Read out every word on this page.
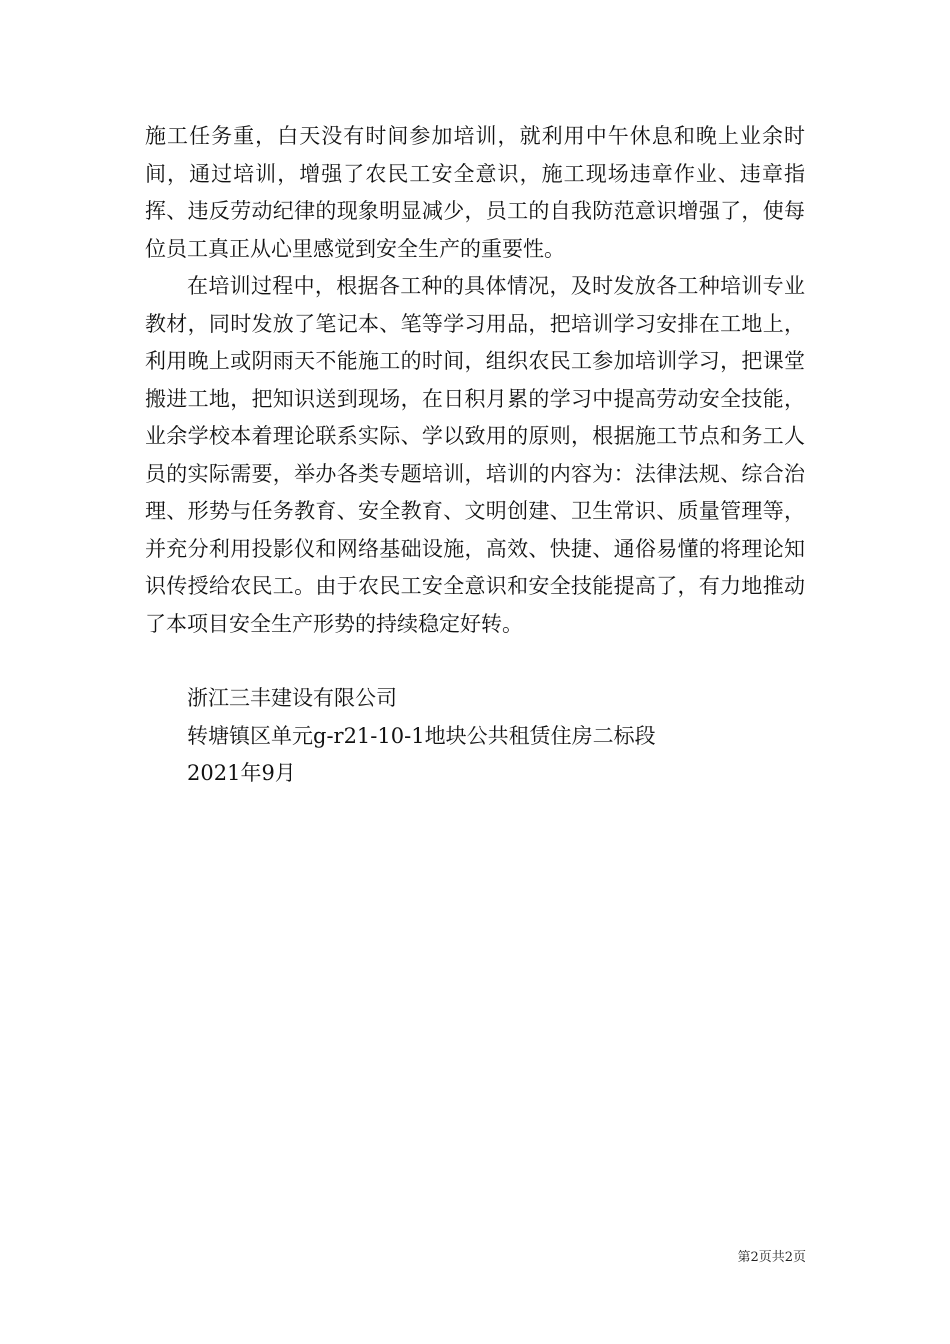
施工任务重，白天没有时间参加培训，就利用中午休息和晚上业余时间，通过培训，增强了农民工安全意识，施工现场违章作业、违章指挥、违反劳动纪律的现象明显减少，员工的自我防范意识增强了，使每位员工真正从心里感觉到安全生产的重要性。

在培训过程中，根据各工种的具体情况，及时发放各工种培训专业教材，同时发放了笔记本、笔等学习用品，把培训学习安排在工地上，利用晚上或阴雨天不能施工的时间，组织农民工参加培训学习，把课堂搬进工地，把知识送到现场，在日积月累的学习中提高劳动安全技能，业余学校本着理论联系实际、学以致用的原则，根据施工节点和务工人员的实际需要，举办各类专题培训，培训的内容为：法律法规、综合治理、形势与任务教育、安全教育、文明创建、卫生常识、质量管理等，并充分利用投影仪和网络基础设施，高效、快捷、通俗易懂的将理论知识传授给农民工。由于农民工安全意识和安全技能提高了，有力地推动了本项目安全生产形势的持续稳定好转。

浙江三丰建设有限公司

转塘镇区单元g-r21-10-1地块公共租赁住房二标段

2021年9月

第2页共2页
